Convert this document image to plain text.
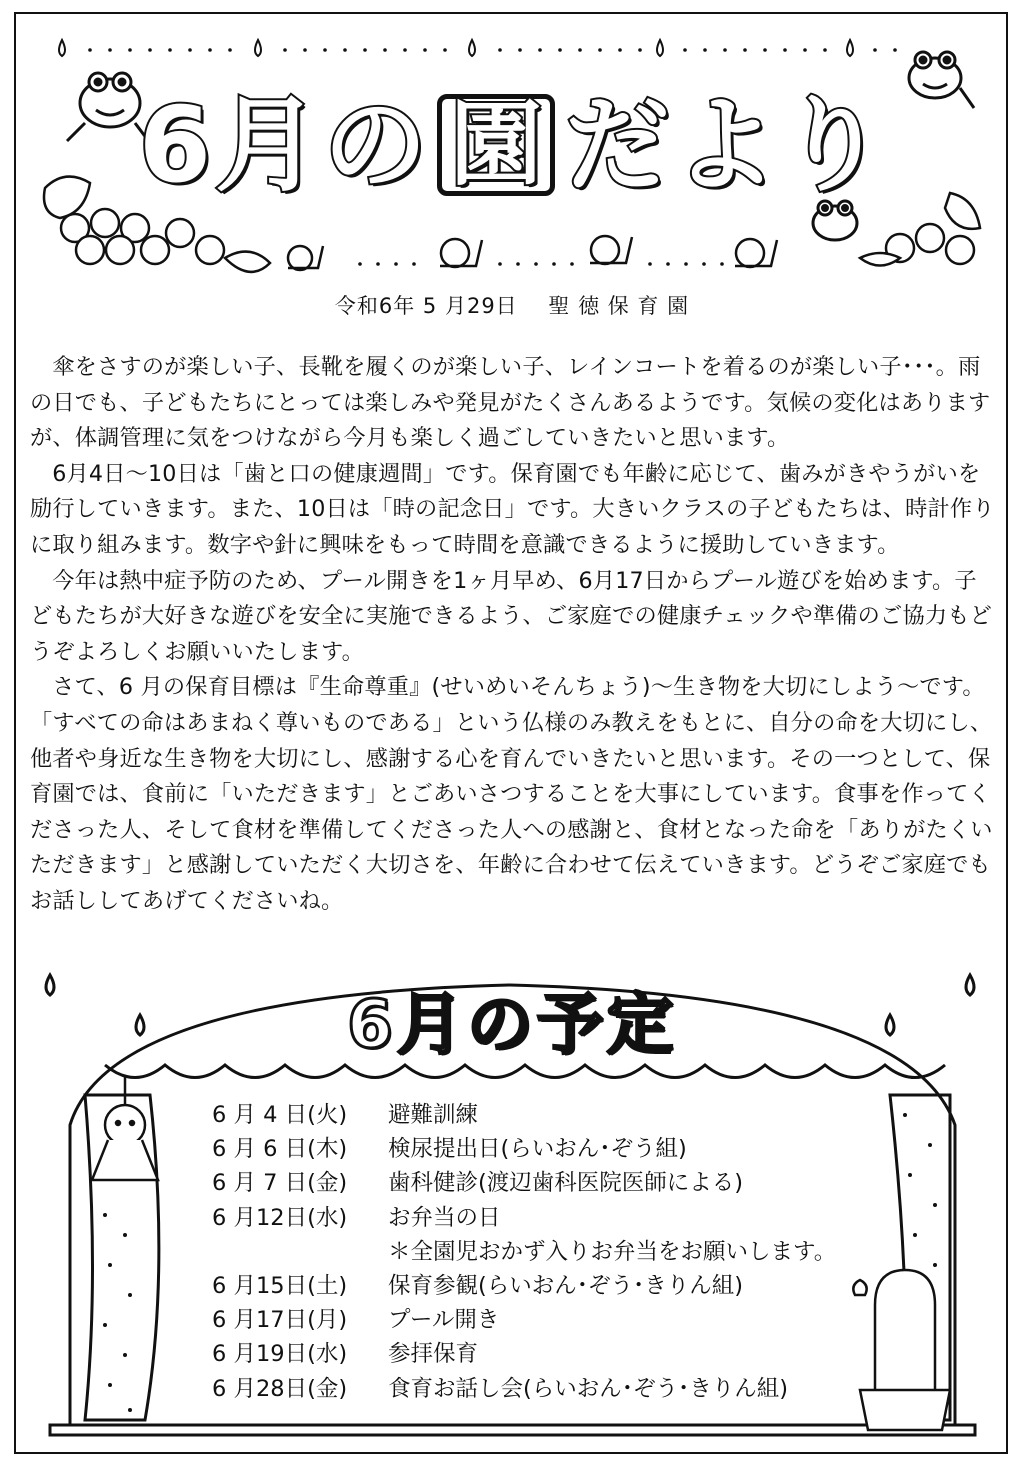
6 月 の 園 だ よ り
令和6年 5 月29日 聖 徳 保 育 園

傘をさすのが楽しい子、長靴を履くのが楽しい子、レインコートを着るのが楽しい子･･･。雨の日でも、子どもたちにとっては楽しみや発見がたくさんあるようです。気候の変化はありますが、体調管理に気をつけながら今月も楽しく過ごしていきたいと思います。

6月4日～10日は「歯と口の健康週間」です。保育園でも年齢に応じて、歯みがきやうがいを励行していきます。また、10日は「時の記念日」です。大きいクラスの子どもたちは、時計作りに取り組みます。数字や針に興味をもって時間を意識できるように援助していきます。

今年は熱中症予防のため、プール開きを1ヶ月早め、6月17日からプール遊びを始めます。子どもたちが大好きな遊びを安全に実施できるよう、ご家庭での健康チェックや準備のご協力もどうぞよろしくお願いいたします。

さて、6 月の保育目標は『生命尊重』(せいめいそんちょう)～生き物を大切にしよう～です。「すべての命はあまねく尊いものである」という仏様のみ教えをもとに、自分の命を大切にし、他者や身近な生き物を大切にし、感謝する心を育んでいきたいと思います。その一つとして、保育園では、食前に「いただきます」とごあいさつすることを大事にしています。食事を作ってくださった人、そして食材を準備してくださった人への感謝と、食材となった命を「ありがたくいただきます」と感謝していただく大切さを、年齢に合わせて伝えていきます。どうぞご家庭でもお話ししてあげてくださいね。

6月の予定
6 月 4 日(火)	避難訓練
6 月 6 日(木)	検尿提出日(らいおん･ぞう組)
6 月 7 日(金)	歯科健診(渡辺歯科医院医師による)
6 月12日(水)	お弁当の日
＊全園児おかず入りお弁当をお願いします。
6 月15日(土)	保育参観(らいおん･ぞう･きりん組)
6 月17日(月)	プール開き
6 月19日(水)	参拝保育
6 月28日(金)	食育お話し会(らいおん･ぞう･きりん組)
